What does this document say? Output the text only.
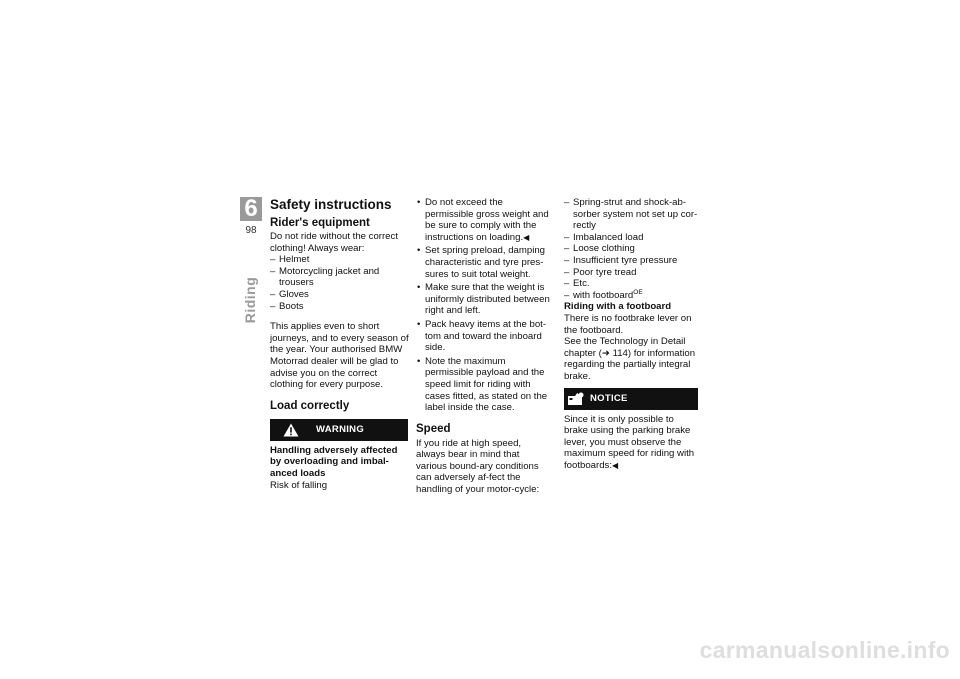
6
98
Riding
Safety instructions
Rider's equipment

Do not ride without the correct clothing! Always wear:

– Helmet
– Motorcycling jacket and trousers
– Gloves
– Boots

This applies even to short journeys, and to every season of the year. Your authorised BMW Motorrad dealer will be glad to advise you on the correct clothing for every purpose.

Load correctly
WARNING

Handling adversely affected by overloading and imbal-anced loads

Risk of falling

• Do not exceed the permissible gross weight and be sure to comply with the instructions on loading.◀
• Set spring preload, damping characteristic and tyre pres-sures to suit total weight.
• Make sure that the weight is uniformly distributed between right and left.
• Pack heavy items at the bot-tom and toward the inboard side.
• Note the maximum permissible payload and the speed limit for riding with cases fitted, as stated on the label inside the case.
Speed

If you ride at high speed, always bear in mind that various bound-ary conditions can adversely af-fect the handling of your motor-cycle:

– Spring-strut and shock-ab-sorber system not set up cor-rectly
– Imbalanced load
– Loose clothing
– Insufficient tyre pressure
– Poor tyre tread
– Etc.
– with footboard$^{OE}$

Riding with a footboard

There is no footbrake lever on the footboard.

See the Technology in Detail chapter (➜ 114) for information regarding the partially integral brake.

NOTICE

Since it is only possible to brake using the parking brake lever, you must observe the maximum speed for riding with footboards:◀

carmanualsonline.info
